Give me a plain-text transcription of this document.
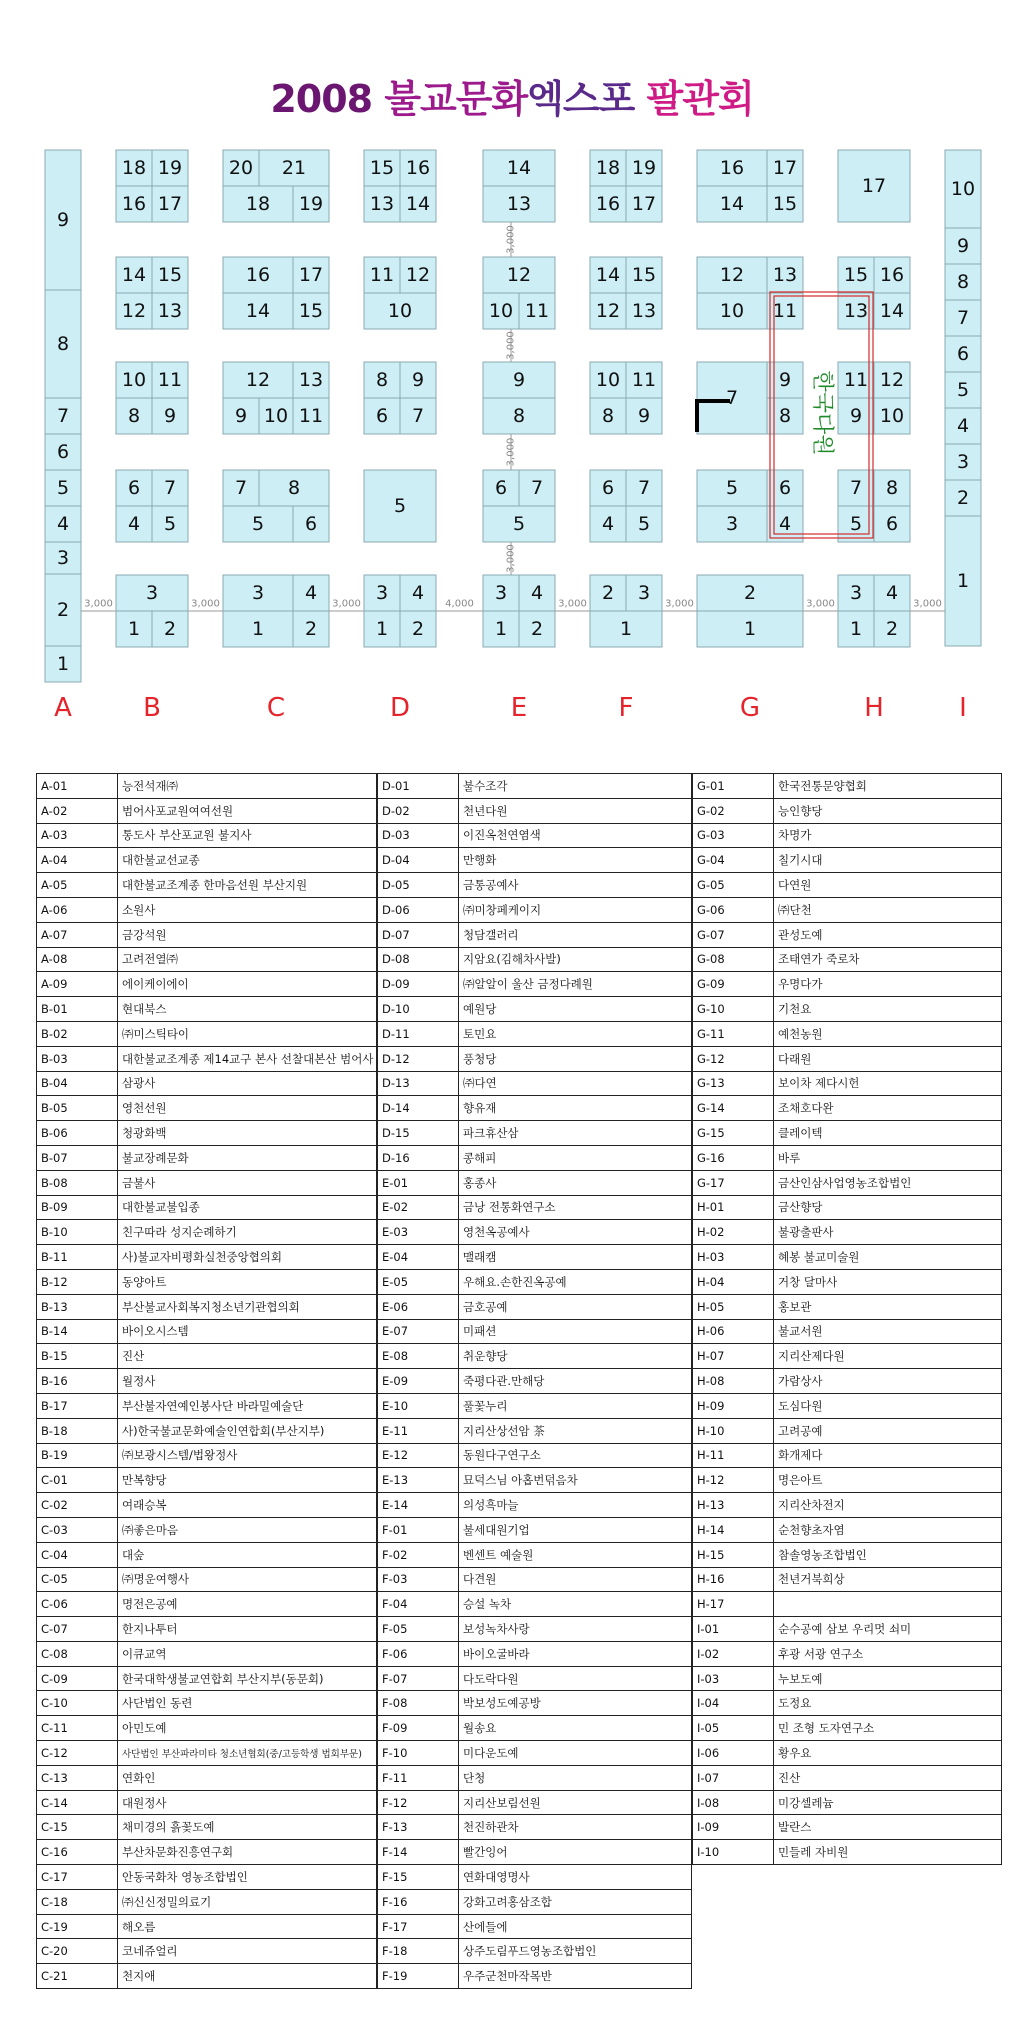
2008 불교문화엑스포 팔관회
9
8
7
6
5
4
3
2
1
18 19
16 17
14 15
12 13
10 11
8 9
6 7
4 5
3
1 2
20 21
18 19
16 17
14 15
12 13
9 10 11
7 8
5 6
3 4
1 2
15 16
13 14
11 12
10
8 9
6 7
5
3 4
1 2
14
13
12
10 11
9
8
6 7
5
3 4
1 2
18 19
16 17
14 15
12 13
10 11
8 9
6 7
4 5
2 3
1
16 17
14 15
12 13
10 11
7
9
8
5 6
3 4
2
1
17
15 16
13 14
11 12
9 10
7 8
5 6
3 4
1 2
10
9
8
7
6
5
4
3
2
1
A	B	C	D	E	F	G	H	I
3,000	3,000	3,000	4,000	3,000	3,000	3,000	3,000
3,000
3,000
3,000
3,000
한국다원
A-01	능전석재㈜
A-02	범어사포교원여여선원
A-03	통도사 부산포교원 불지사
A-04	대한불교선교종
A-05	대한불교조계종 한마음선원 부산지원
A-06	소원사
A-07	금강석원
A-08	고려전열㈜
A-09	에이케이에이
B-01	현대북스
B-02	㈜미스틱타이
B-03	대한불교조계종 제14교구 본사 선찰대본산 범어사
B-04	삼광사
B-05	영천선원
B-06	청광화백
B-07	불교장례문화
B-08	금불사
B-09	대한불교불입종
B-10	친구따라 성지순례하기
B-11	사)불교자비평화실천중앙협의회
B-12	동양아트
B-13	부산불교사회복지청소년기관협의회
B-14	바이오시스템
B-15	진산
B-16	월정사
B-17	부산불자연예인봉사단 바라밀예술단
B-18	사)한국불교문화예술인연합회(부산지부)
B-19	㈜보광시스템/법왕정사
C-01	만복향당
C-02	여래승복
C-03	㈜좋은마음
C-04	대숲
C-05	㈜명운여행사
C-06	명전은공예
C-07	한지나투터
C-08	이큐교역
C-09	한국대학생불교연합회 부산지부(동문회)
C-10	사단법인 동련
C-11	아민도예
C-12	사단법인 부산파라미타 청소년협회(중/고등학생 법회부문)
C-13	연화인
C-14	대원정사
C-15	채미경의 흙꽃도예
C-16	부산차문화진흥연구회
C-17	안동국화차 영농조합법인
C-18	㈜신신정밀의료기
C-19	해오름
C-20	코네쥬얼리
C-21	천지애
D-01	불수조각
D-02	천년다원
D-03	이진옥천연염색
D-04	만행화
D-05	금통공예사
D-06	㈜미창페케이지
D-07	청담갤러리
D-08	지암요(김해차사발)
D-09	㈜알알이 울산 금정다례원
D-10	예원당
D-11	토민요
D-12	풍청당
D-13	㈜다연
D-14	향유재
D-15	파크휴산삼
D-16	콩해피
E-01	홍종사
E-02	금낭 전통화연구소
E-03	영천옥공예사
E-04	맬래캠
E-05	우해요.손한진옥공예
E-06	금호공예
E-07	미패션
E-08	취운향당
E-09	죽평다관.만해당
E-10	풀꽃누리
E-11	지리산상선암 茶
E-12	동원다구연구소
E-13	묘덕스님 아홉번덖음차
E-14	의성흑마늘
F-01	불세대원기업
F-02	벤센트 예술원
F-03	다견원
F-04	승설 녹차
F-05	보성녹차사랑
F-06	바이오굴바라
F-07	다도락다원
F-08	박보성도예공방
F-09	월송요
F-10	미다운도예
F-11	단청
F-12	지리산보림선원
F-13	천진하관차
F-14	빨간잉어
F-15	연화대영명사
F-16	강화고려홍삼조합
F-17	산에들에
F-18	상주도림푸드영농조합법인
F-19	우주군천마작목반
G-01	한국전통문양협회
G-02	능인향당
G-03	차명가
G-04	칠기시대
G-05	다연원
G-06	㈜단천
G-07	관성도예
G-08	조태연가 죽로차
G-09	우명다가
G-10	기천요
G-11	예천농원
G-12	다래원
G-13	보이차 제다시헌
G-14	조채호다완
G-15	클레이텍
G-16	바루
G-17	금산인삼사업영농조합법인
H-01	금산향당
H-02	불광출판사
H-03	혜봉 불교미술원
H-04	거창 달마사
H-05	홍보관
H-06	불교서원
H-07	지리산제다원
H-08	가람상사
H-09	도심다원
H-10	고려공예
H-11	화개제다
H-12	명은아트
H-13	지리산차전지
H-14	순천향초자염
H-15	참솔영농조합법인
H-16	천년거북희상
H-17	
I-01	순수공예 삼보 우리멋 쇠미
I-02	후광 서광 연구소
I-03	누보도예
I-04	도정요
I-05	민 조형 도자연구소
I-06	황우요
I-07	진산
I-08	미강셀레늄
I-09	발란스
I-10	민들레 자비원
